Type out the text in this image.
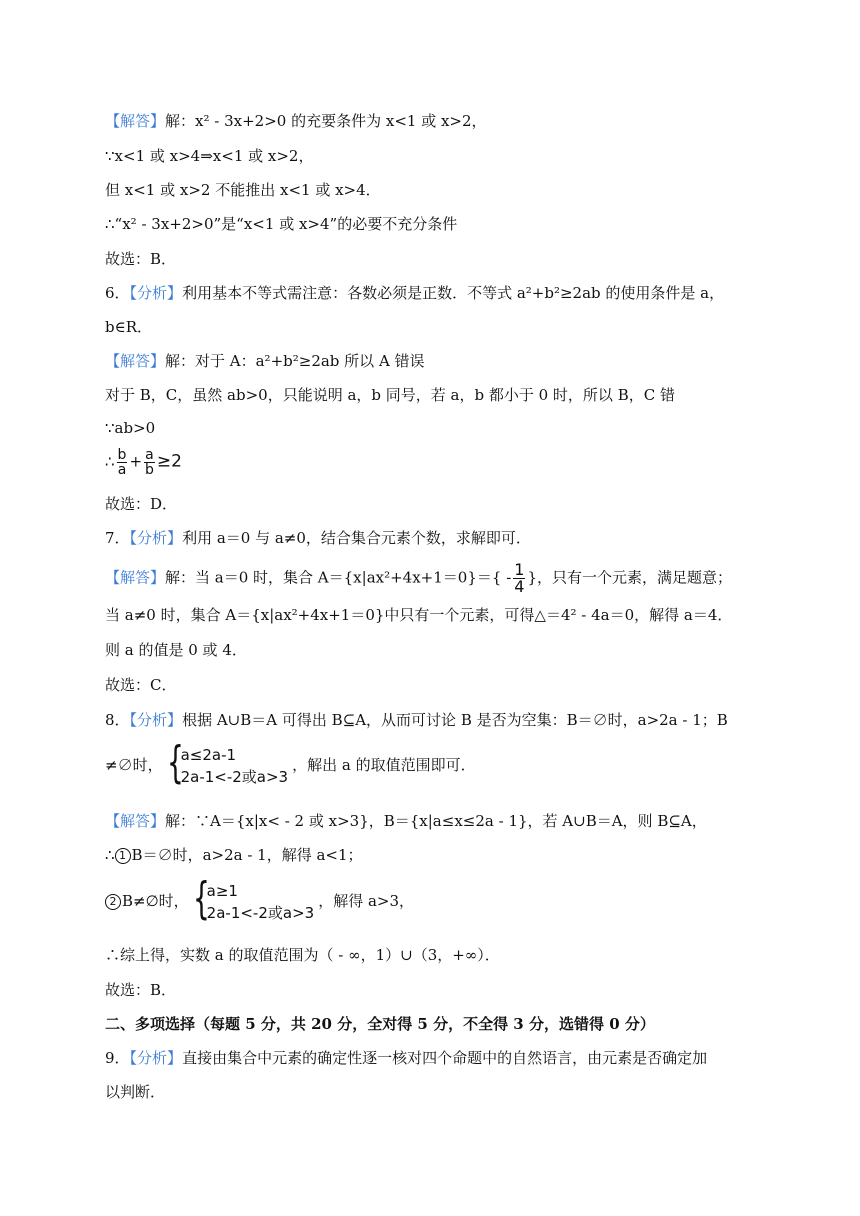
【解答】解：x² - 3x+2>0 的充要条件为 x<1 或 x>2，
∵x<1 或 x>4⇒x<1 或 x>2，
但 x<1 或 x>2 不能推出 x<1 或 x>4．
∴“x² - 3x+2>0”是“x<1 或 x>4”的必要不充分条件
故选：B．
6．【分析】利用基本不等式需注意：各数必须是正数．不等式 a²+b²≥2ab 的使用条件是 a，
b∈R．
【解答】解：对于 A：a²+b²≥2ab 所以 A 错误
对于 B，C，虽然 ab>0，只能说明 a，b 同号，若 a，b 都小于 0 时，所以 B，C 错
∵ab>0
∴ $\frac{b}{a} + \frac{a}{b} \ge 2$
故选：D．
7．【分析】利用 a＝0 与 a≠0，结合集合元素个数，求解即可．
【解答】解：当 a＝0 时，集合 $A=\{x|ax^2+4x+1=0\}=\{ - \frac{1}{4}$ }，只有一个元素，满足题意；
当 a≠0 时，集合 A＝{x|ax²+4x+1＝0}中只有一个元素，可得△＝4² - 4a＝0，解得 a＝4．
则 a 的值是 0 或 4．
故选：C．
8．【分析】根据 A∪B＝A 可得出 B⊆A，从而可讨论 B 是否为空集：B＝∅时，a>2a - 1；B
≠∅时， {
a≤2a-1
2a-1<-2或a>3
，解出 a 的取值范围即可．
【解答】解：∵A＝{x|x< - 2 或 x>3}，B＝{x|a≤x≤2a - 1}，若 A∪B＝A，则 B⊆A，
∴ 1 B＝∅时，a>2a - 1，解得 a<1；
2 B≠∅时， {
a≥1
2a-1<-2或a>3
，解得 a>3，
∴综上得，实数 a 的取值范围为（ - ∞，1）∪（3，+∞）．
故选：B．
二、多项选择（每题 5 分，共 20 分，全对得 5 分，不全得 3 分，选错得 0 分）
9．【分析】直接由集合中元素的确定性逐一核对四个命题中的自然语言，由元素是否确定加
以判断．
